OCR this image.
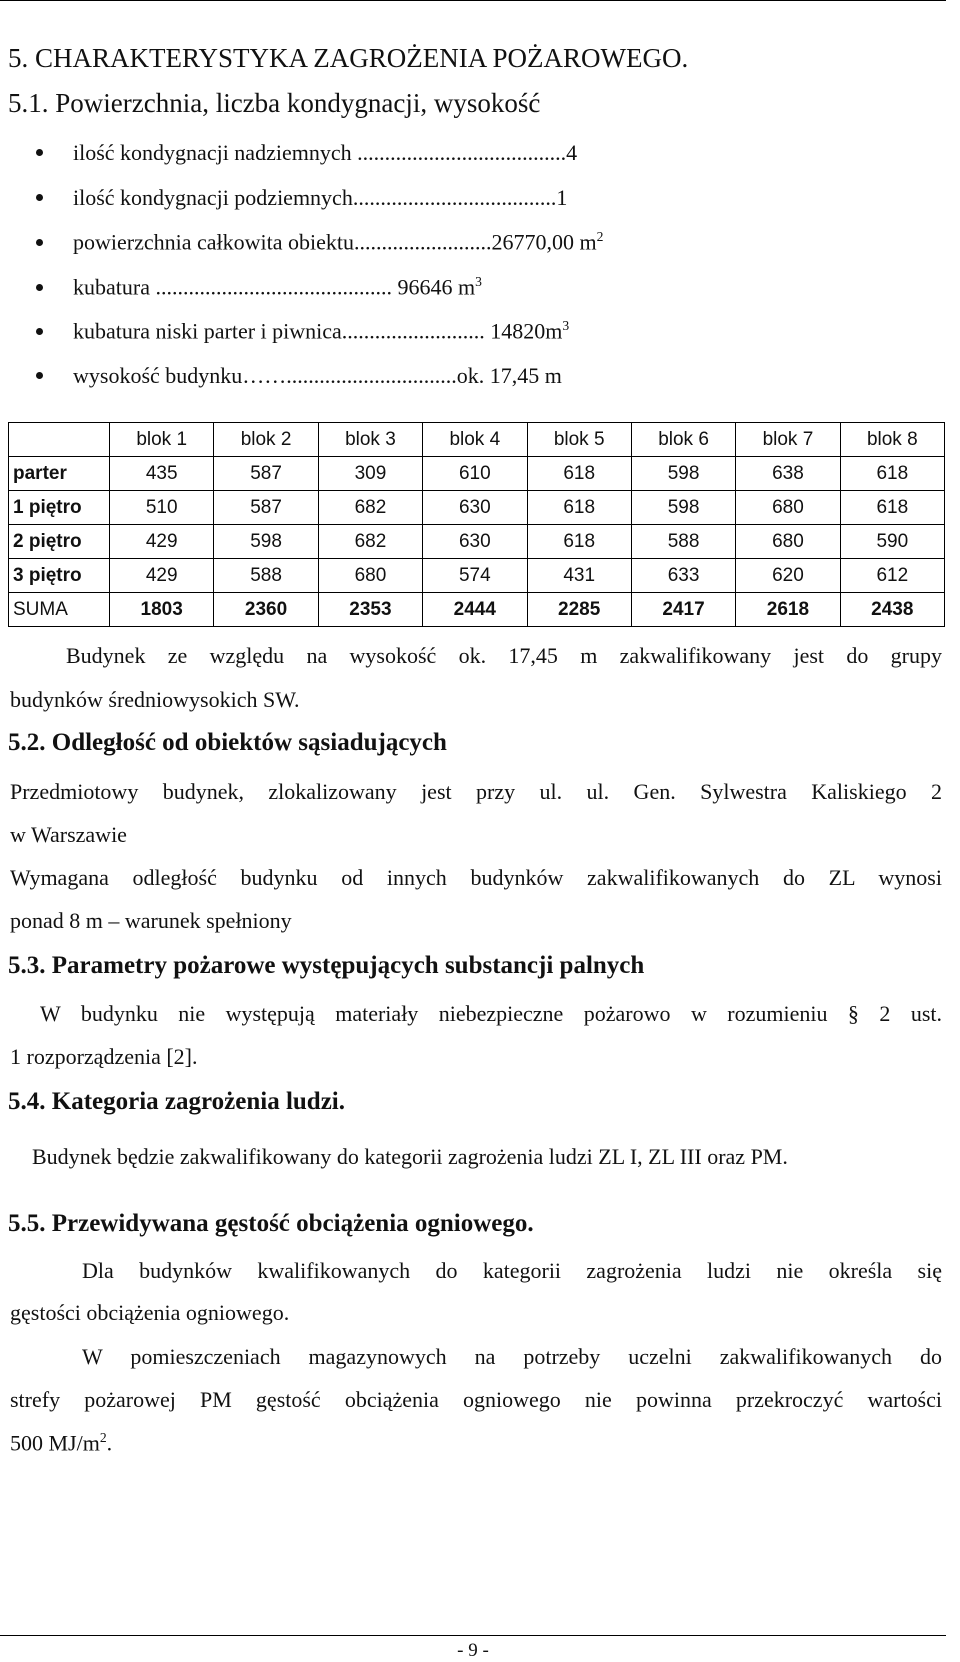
5. CHARAKTERYSTYKA ZAGROŻENIA POŻAROWEGO.
5.1. Powierzchnia, liczba kondygnacji, wysokość
ilość kondygnacji nadziemnych ......................................4
ilość kondygnacji podziemnych.....................................1
powierzchnia całkowita obiektu.........................26770,00 $m^2$
kubatura ........................................... 96646 $m^3$
kubatura niski parter i piwnica.......................... $14820m^3$
wysokość budynku……...............................ok. 17,45 m
	blok 1	blok 2	blok 3	blok 4	blok 5	blok 6	blok 7	blok 8
parter	435	587	309	610	618	598	638	618
1 piętro	510	587	682	630	618	598	680	618
2 piętro	429	598	682	630	618	588	680	590
3 piętro	429	588	680	574	431	633	620	612
SUMA	1803	2360	2353	2444	2285	2417	2618	2438
Budynek ze względu na wysokość ok. 17,45 m zakwalifikowany jest do grupy
budynków średniowysokich SW.
5.2. Odległość od obiektów sąsiadujących
Przedmiotowy budynek, zlokalizowany jest przy ul. ul. Gen. Sylwestra Kaliskiego 2
w Warszawie
Wymagana odległość budynku od innych budynków zakwalifikowanych do ZL wynosi
ponad 8 m – warunek spełniony
5.3. Parametry pożarowe występujących substancji palnych
W budynku nie występują materiały niebezpieczne pożarowo w rozumieniu § 2 ust.
1 rozporządzenia [2].
5.4. Kategoria zagrożenia ludzi.
Budynek będzie zakwalifikowany do kategorii zagrożenia ludzi ZL I, ZL III oraz PM.
5.5. Przewidywana gęstość obciążenia ogniowego.
Dla budynków kwalifikowanych do kategorii zagrożenia ludzi nie określa się
gęstości obciążenia ogniowego.
W pomieszczeniach magazynowych na potrzeby uczelni zakwalifikowanych do
strefy pożarowej PM gęstość obciążenia ogniowego nie powinna przekroczyć wartości
500 $MJ/m^2$.
- 9 -
